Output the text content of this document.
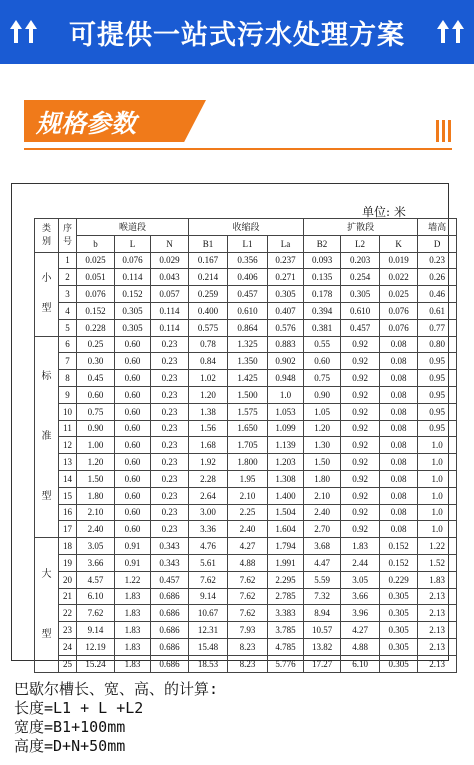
可提供一站式污水处理方案
规格参数
单位: 米
类别	序号	喉道段			收缩段			扩散段			墙高
		b	L	N	B1	L1	La	B2	L2	K	D
小型	1	0.025	0.076	0.029	0.167	0.356	0.237	0.093	0.203	0.019	0.23
	2	0.051	0.114	0.043	0.214	0.406	0.271	0.135	0.254	0.022	0.26
	3	0.076	0.152	0.057	0.259	0.457	0.305	0.178	0.305	0.025	0.46
	4	0.152	0.305	0.114	0.400	0.610	0.407	0.394	0.610	0.076	0.61
	5	0.228	0.305	0.114	0.575	0.864	0.576	0.381	0.457	0.076	0.77
标准型	6	0.25	0.60	0.23	0.78	1.325	0.883	0.55	0.92	0.08	0.80
	7	0.30	0.60	0.23	0.84	1.350	0.902	0.60	0.92	0.08	0.95
	8	0.45	0.60	0.23	1.02	1.425	0.948	0.75	0.92	0.08	0.95
	9	0.60	0.60	0.23	1.20	1.500	1.0	0.90	0.92	0.08	0.95
	10	0.75	0.60	0.23	1.38	1.575	1.053	1.05	0.92	0.08	0.95
	11	0.90	0.60	0.23	1.56	1.650	1.099	1.20	0.92	0.08	0.95
	12	1.00	0.60	0.23	1.68	1.705	1.139	1.30	0.92	0.08	1.0
	13	1.20	0.60	0.23	1.92	1.800	1.203	1.50	0.92	0.08	1.0
	14	1.50	0.60	0.23	2.28	1.95	1.308	1.80	0.92	0.08	1.0
	15	1.80	0.60	0.23	2.64	2.10	1.400	2.10	0.92	0.08	1.0
	16	2.10	0.60	0.23	3.00	2.25	1.504	2.40	0.92	0.08	1.0
	17	2.40	0.60	0.23	3.36	2.40	1.604	2.70	0.92	0.08	1.0
大型	18	3.05	0.91	0.343	4.76	4.27	1.794	3.68	1.83	0.152	1.22
	19	3.66	0.91	0.343	5.61	4.88	1.991	4.47	2.44	0.152	1.52
	20	4.57	1.22	0.457	7.62	7.62	2.295	5.59	3.05	0.229	1.83
	21	6.10	1.83	0.686	9.14	7.62	2.785	7.32	3.66	0.305	2.13
	22	7.62	1.83	0.686	10.67	7.62	3.383	8.94	3.96	0.305	2.13
	23	9.14	1.83	0.686	12.31	7.93	3.785	10.57	4.27	0.305	2.13
	24	12.19	1.83	0.686	15.48	8.23	4.785	13.82	4.88	0.305	2.13
	25	15.24	1.83	0.686	18.53	8.23	5.776	17.27	6.10	0.305	2.13
巴歇尔槽长、宽、高、的计算:
长度=L1 + L +L2
宽度=B1+100mm
高度=D+N+50mm
